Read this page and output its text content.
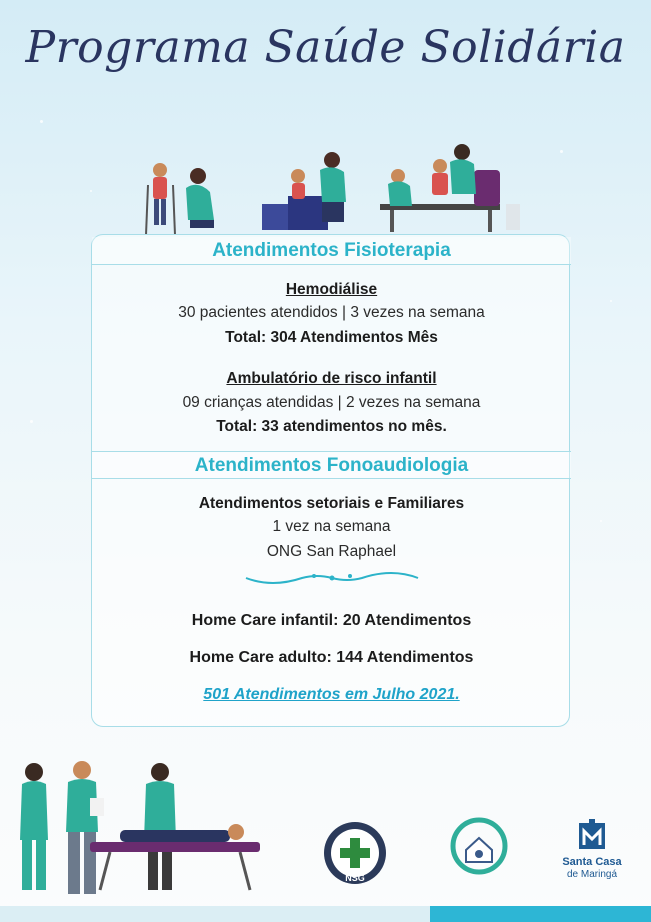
Programa Saúde Solidária
Atendimentos Fisioterapia
Hemodiálise
30 pacientes atendidos | 3 vezes na semana
Total: 304 Atendimentos Mês
Ambulatório de risco infantil
09 crianças atendidas | 2 vezes na semana
Total: 33 atendimentos no mês.
Atendimentos Fonoaudiologia
Atendimentos setoriais e Familiares
1 vez na semana
ONG San Raphael
Home Care infantil: 20 Atendimentos
Home Care adulto: 144 Atendimentos
501 Atendimentos em Julho 2021.
NSG
Santa Casa
de Maringá
